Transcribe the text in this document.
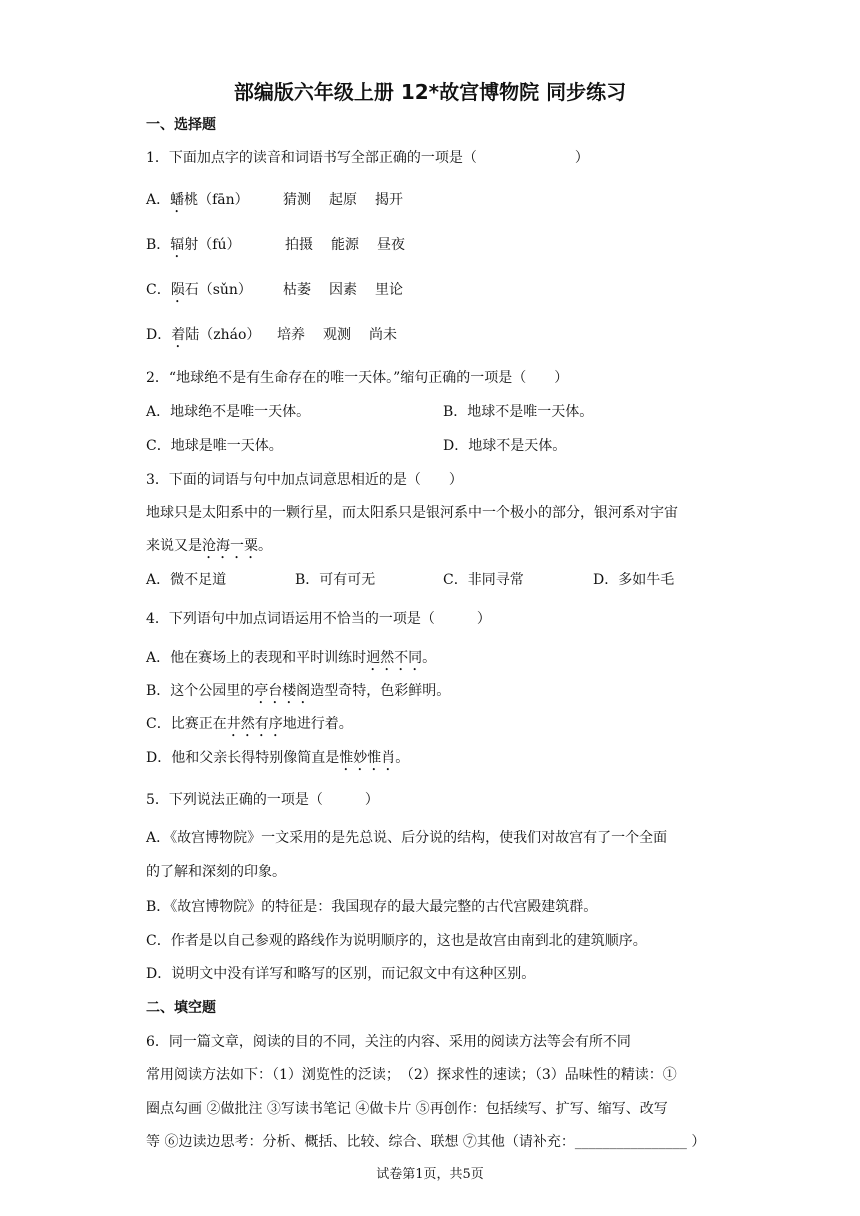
部编版六年级上册 12*故宫博物院 同步练习
一、选择题
1．下面加点字的读音和词语书写全部正确的一项是（	）
A．蟠桃（fān） 猜测 起原 揭开
B．辐射（fú）	拍摄 能源 昼夜
C．陨石（sǔn） 枯萎 因素 里论
D．着陆（zháo） 培养 观测 尚未
2．“地球绝不是有生命存在的唯一天体。”缩句正确的一项是（　　）
A．地球绝不是唯一天体。	B．地球不是唯一天体。
C．地球是唯一天体。	D．地球不是天体。
3．下面的词语与句中加点词意思相近的是（　　）
地球只是太阳系中的一颗行星，而太阳系只是银河系中一个极小的部分，银河系对宇宙
来说又是沧海一粟。
A．微不足道	B．可有可无	C．非同寻常	D．多如牛毛
4．下列语句中加点词语运用不恰当的一项是（　　　）
A．他在赛场上的表现和平时训练时迥然不同。
B．这个公园里的亭台楼阁造型奇特，色彩鲜明。
C．比赛正在井然有序地进行着。
D．他和父亲长得特别像简直是惟妙惟肖。
5．下列说法正确的一项是（　　　）
A．《故宫博物院》一文采用的是先总说、后分说的结构，使我们对故宫有了一个全面
的了解和深刻的印象。
B．《故宫博物院》的特征是：我国现存的最大最完整的古代宫殿建筑群。
C．作者是以自己参观的路线作为说明顺序的，这也是故宫由南到北的建筑顺序。
D．说明文中没有详写和略写的区别，而记叙文中有这种区别。
二、填空题
6．同一篇文章，阅读的目的不同，关注的内容、采用的阅读方法等会有所不同
常用阅读方法如下：（1）浏览性的泛读；　（2）探求性的速读；（3）品味性的精读：①
圈点勾画 ②做批注 ③写读书笔记 ④做卡片 ⑤再创作：包括续写、扩写、缩写、改写
等 ⑥边读边思考：分析、概括、比较、综合、联想 ⑦其他（请补充：________________ ）
试卷第1页，共5页
